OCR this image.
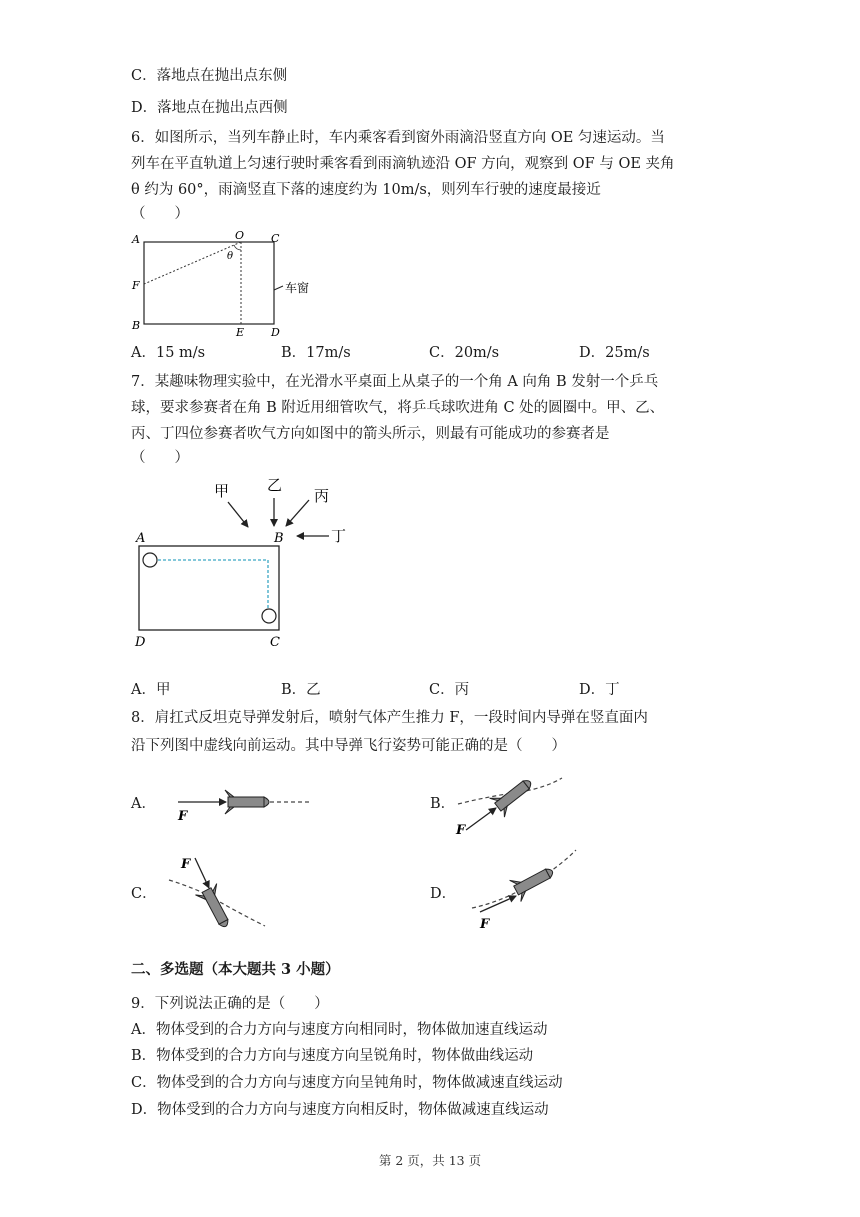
C．落地点在抛出点东侧
D．落地点在抛出点西侧
6．如图所示，当列车静止时，车内乘客看到窗外雨滴沿竖直方向 OE 匀速运动。当
列车在平直轨道上匀速行驶时乘客看到雨滴轨迹沿 OF 方向，观察到 OF 与 OE 夹角
θ 约为 60°，雨滴竖直下落的速度约为 10m/s，则列车行驶的速度最接近
（　　）
A	O C
θ
F
B
E D
车窗
A．15 m/s	B．17m/s	C．20m/s	D．25m/s
7．某趣味物理实验中，在光滑水平桌面上从桌子的一个角 A 向角 B 发射一个乒乓
球，要求参赛者在角 B 附近用细管吹气，将乒乓球吹进角 C 处的圆圈中。甲、乙、
丙、丁四位参赛者吹气方向如图中的箭头所示，则最有可能成功的参赛者是
（　　）
甲	乙
丙
丁
A	B
D	C
A．甲	B．乙	C．丙	D．丁
8．肩扛式反坦克导弹发射后，喷射气体产生推力 F，一段时间内导弹在竖直面内
沿下列图中虚线向前运动。其中导弹飞行姿势可能正确的是（　　）
A．	B．
C．	D．
F
F
F
F
二、多选题（本大题共 3 小题）
9．下列说法正确的是（　　）
A．物体受到的合力方向与速度方向相同时，物体做加速直线运动
B．物体受到的合力方向与速度方向呈锐角时，物体做曲线运动
C．物体受到的合力方向与速度方向呈钝角时，物体做减速直线运动
D．物体受到的合力方向与速度方向相反时，物体做减速直线运动
第 2 页，共 13 页
